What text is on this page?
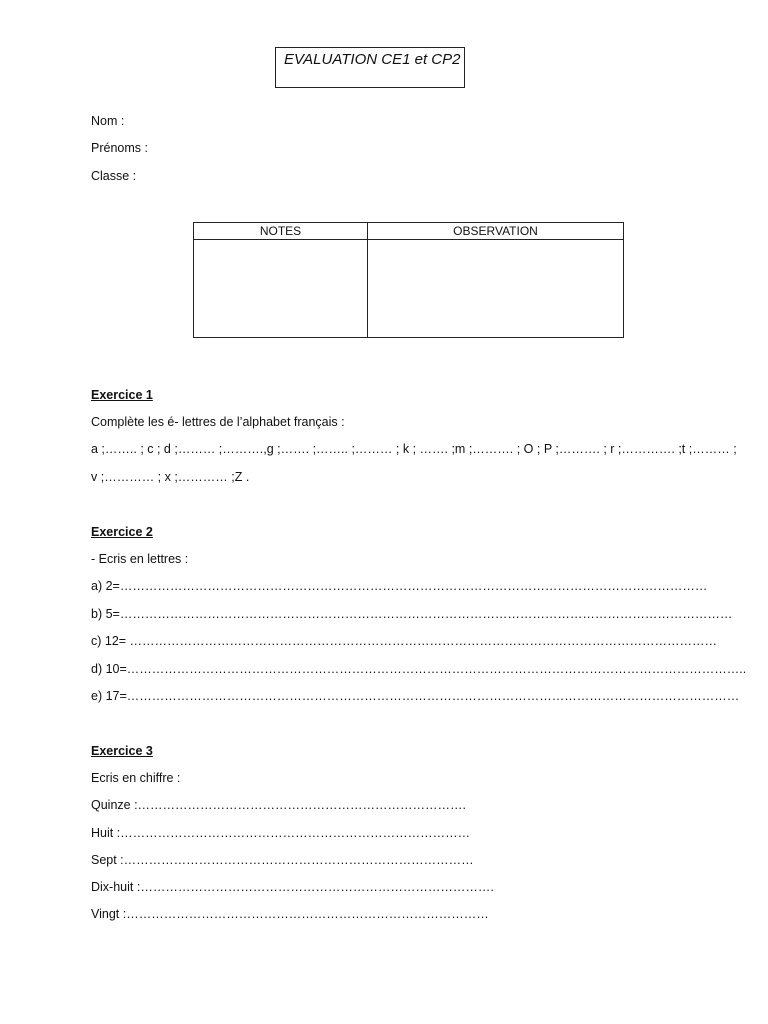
EVALUATION CE1 et CP2
Nom :
Prénoms :
Classe :
NOTES	OBSERVATION

Exercice 1
Complète les é- lettres de l’alphabet français :
a ;…….. ; c ; d ;……… ;……….,g ;……. ;…….. ;……… ; k ; ……. ;m ;………. ; O ; P ;………. ; r ;…………. ;t ;……… ;
v ;………… ; x ;………… ;Z .
Exercice 2
- Ecris en lettres :
a) 2=……………………………………………………………………………………………………………………………
b) 5=…………………………………………………………………………………………………………………………………
c) 12= ……………………………………………………………………………………………………………………………
d) 10=…………………………………………………………………………………………………………………………………..
e) 17=…………………………………………………………………………………………………………………………………
Exercice 3
Ecris en chiffre :
Quinze :…………………………………………………………………….
Huit :…………………………………………………………………………
Sept :…………………………………………………………………………
Dix-huit :………………………………………………………………………….
Vingt :……………………………………………………………………………
